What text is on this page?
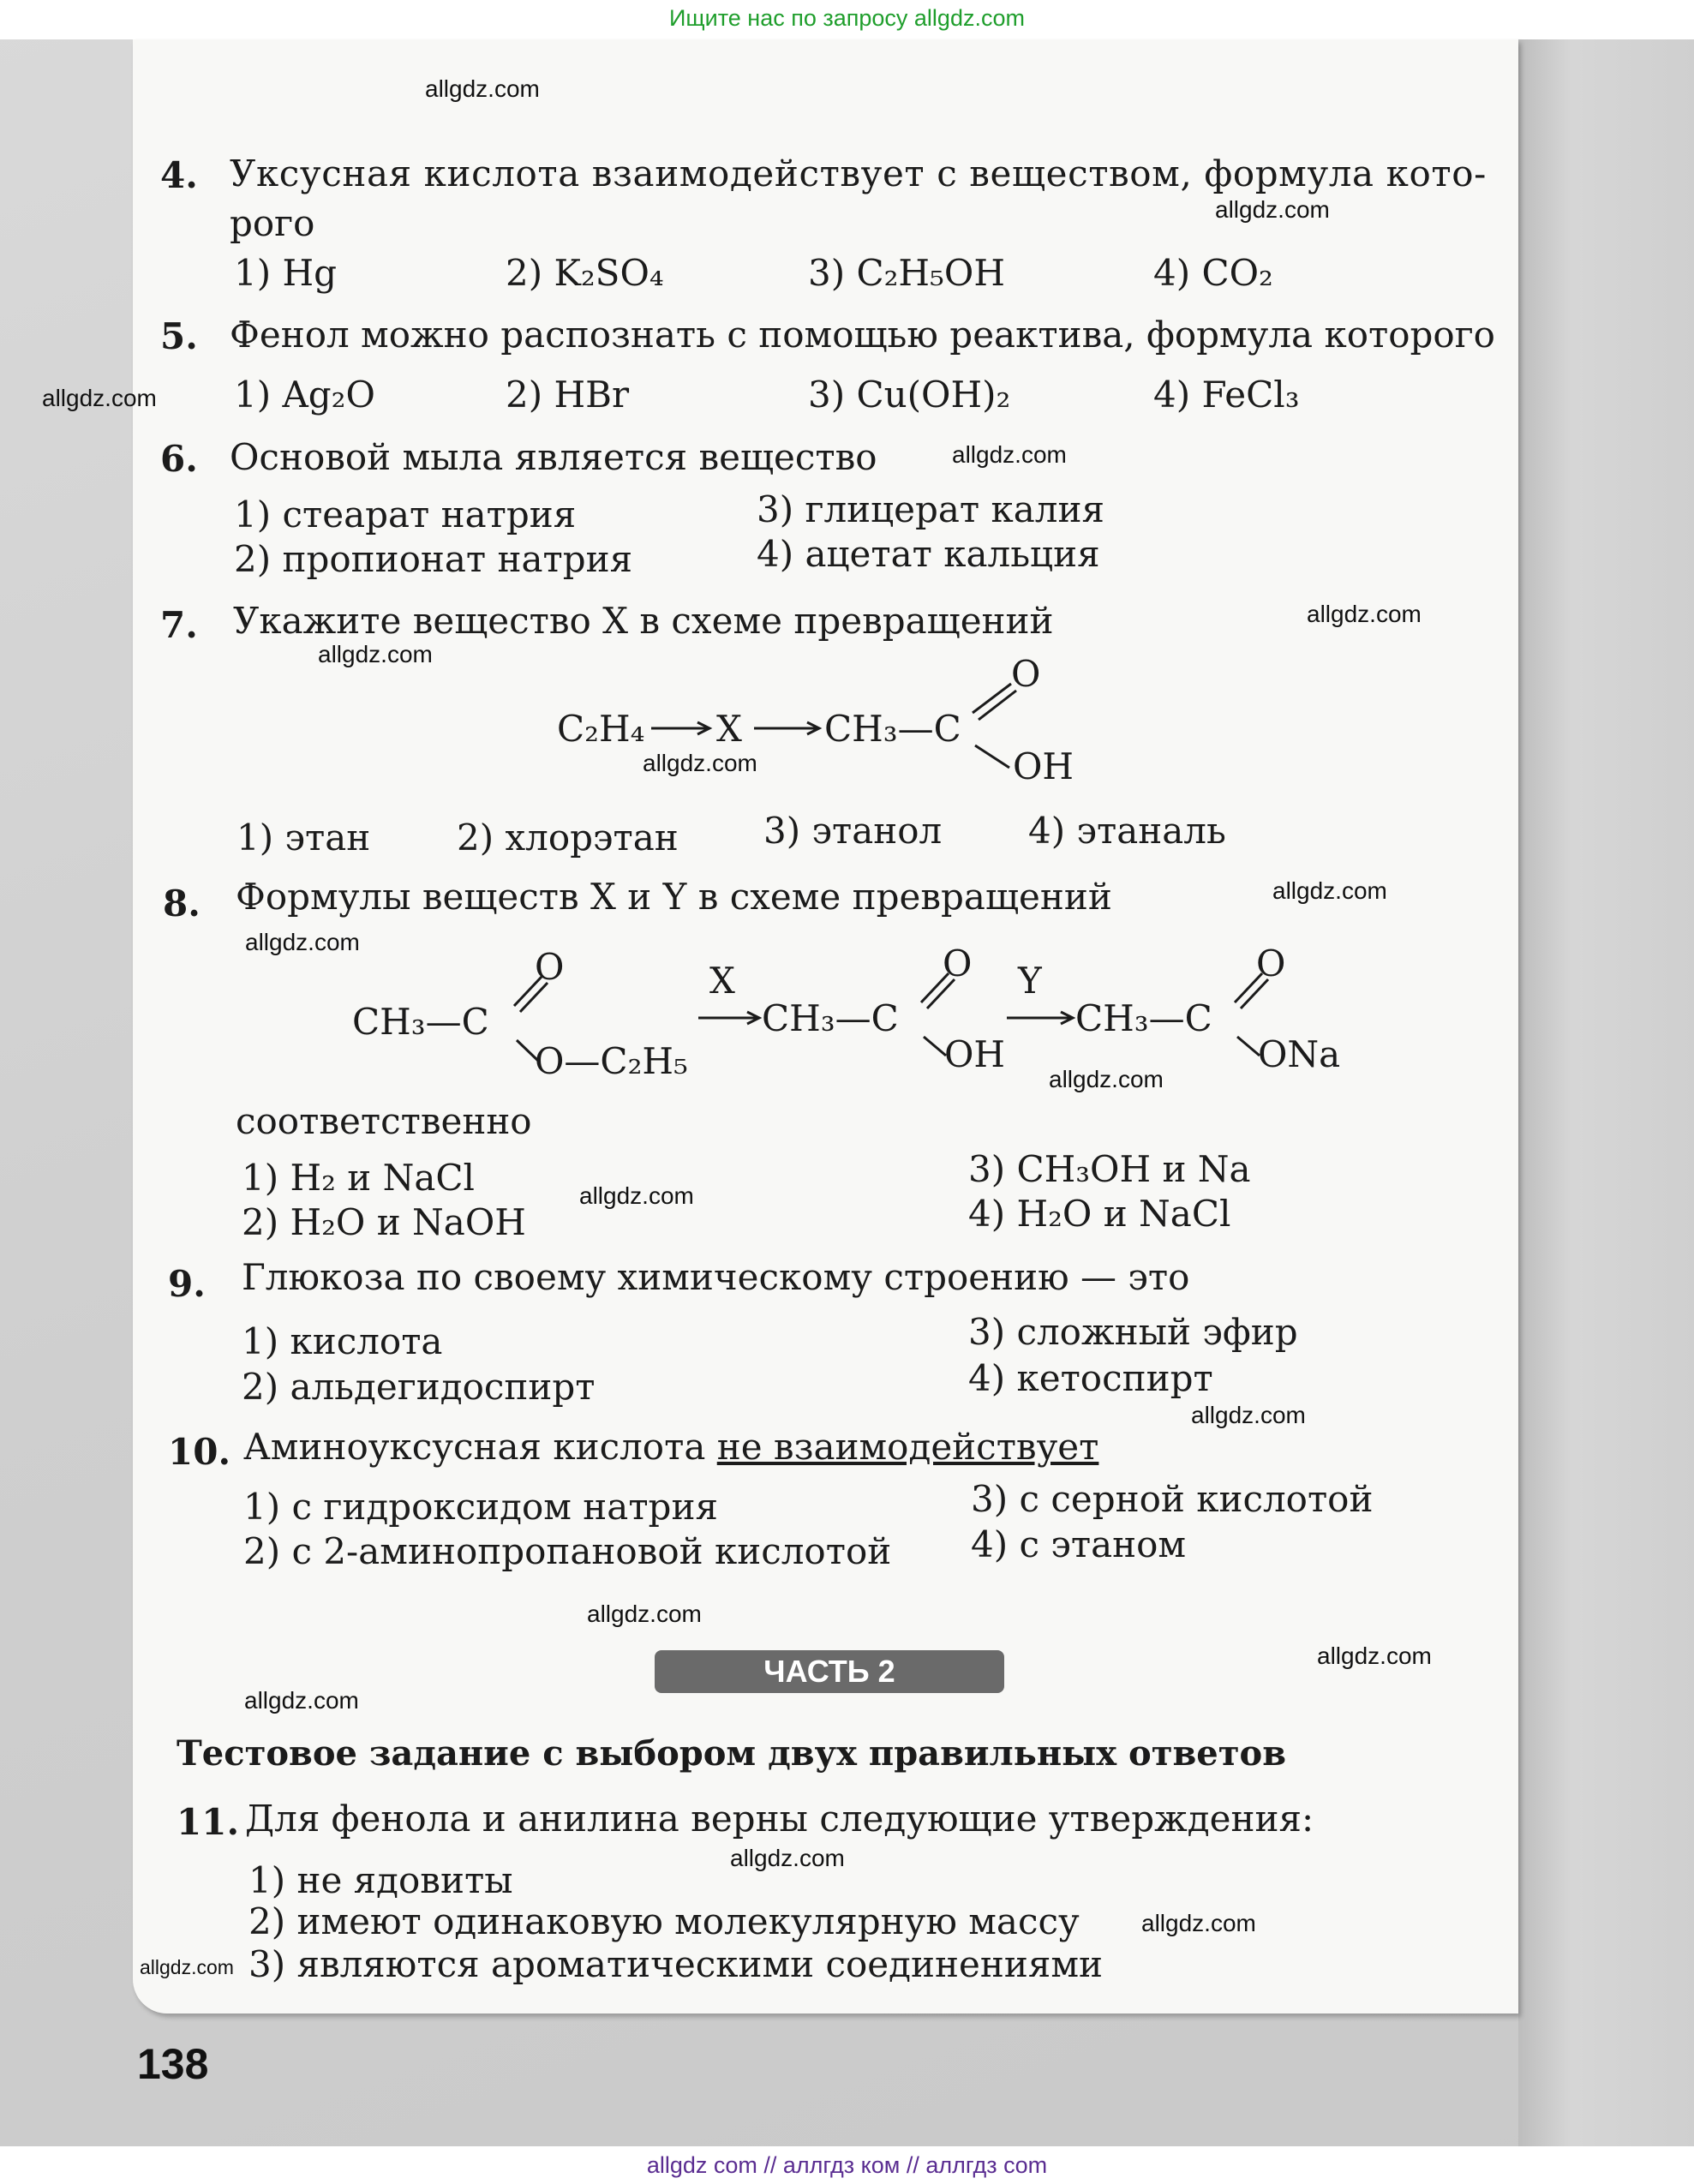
Ищите нас по запросу allgdz.com
4. Уксусная кислота взаимодействует с веществом, формула кото-
рого
1) Hg	2) K₂SO₄	3) C₂H₅OH	4) CO₂
5. Фенол можно распознать с помощью реактива, формула которого
1) Ag₂O	2) HBr	3) Cu(OH)₂	4) FeCl₃
6. Основой мыла является вещество
1) стеарат натрия
2) пропионат натрия
3) глицерат калия
4) ацетат кальция
7. Укажите вещество X в схеме превращений
C₂H₄ X CH₃—C
O
OH
1) этан 2) хлорэтан 3) этанол 4) этаналь
8. Формулы веществ X и Y в схеме превращений
CH₃—C
O
O—C₂H₅
X
CH₃—C
O
OH
Y
CH₃—C
O
ONa
соответственно
1) H₂ и NaCl
2) H₂O и NaOH
3) CH₃OH и Na
4) H₂O и NaCl
9. Глюкоза по своему химическому строению — это
1) кислота
2) альдегидоспирт
3) сложный эфир
4) кетоспирт
10. Аминоуксусная кислота не взаимодействует
1) с гидроксидом натрия
2) с 2-аминопропановой кислотой
3) с серной кислотой
4) с этаном
ЧАСТЬ 2
Тестовое задание с выбором двух правильных ответов
11. Для фенола и анилина верны следующие утверждения:
1) не ядовиты
2) имеют одинаковую молекулярную массу
3) являются ароматическими соединениями
138
allgdz.com
allgdz.com
allgdz.com
allgdz.com
allgdz.com
allgdz.com
allgdz.com
allgdz.com
allgdz.com
allgdz.com
allgdz.com
allgdz.com
allgdz.com
allgdz.com
allgdz.com
allgdz.com
allgdz.com
allgdz.com
allgdz com // аллгдз ком // аллгдз com
